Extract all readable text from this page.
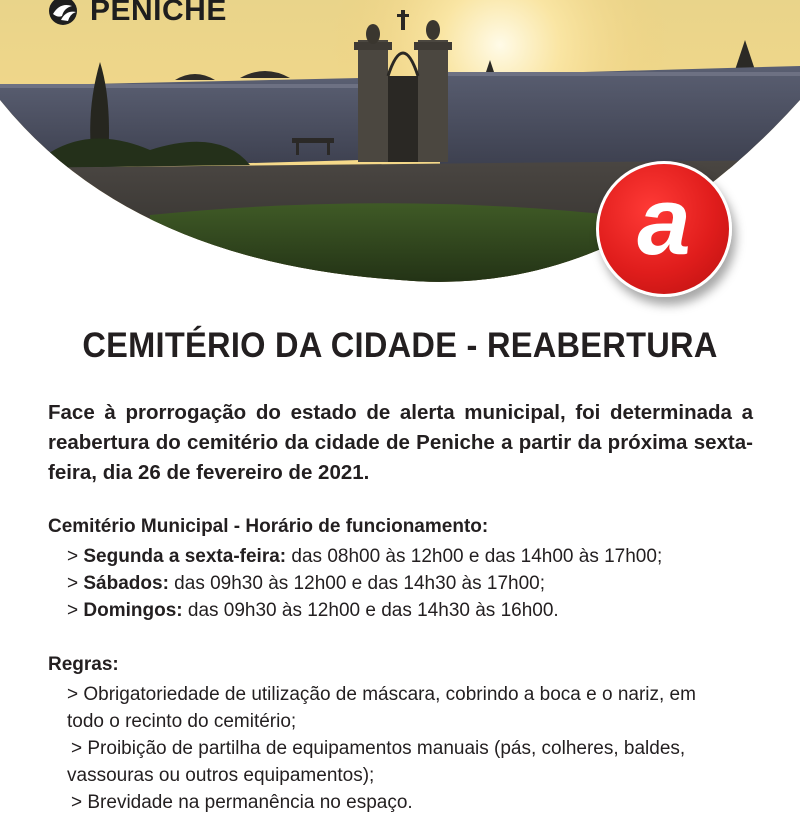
PENICHE
a
CEMITÉRIO DA CIDADE - REABERTURA
Face à prorrogação do estado de alerta municipal, foi determinada a reabertura do cemitério da cidade de Peniche a partir da próxima sexta-feira, dia 26 de fevereiro de 2021.
Cemitério Municipal - Horário de funcionamento:
> Segunda a sexta-feira: das 08h00 às 12h00 e das 14h00 às 17h00;
> Sábados: das 09h30 às 12h00 e das 14h30 às 17h00;
> Domingos: das 09h30 às 12h00 e das 14h30 às 16h00.
Regras:
> Obrigatoriedade de utilização de máscara, cobrindo a boca e o nariz, em
todo o recinto do cemitério;
> Proibição de partilha de equipamentos manuais (pás, colheres, baldes,
vassouras ou outros equipamentos);
> Brevidade na permanência no espaço.
